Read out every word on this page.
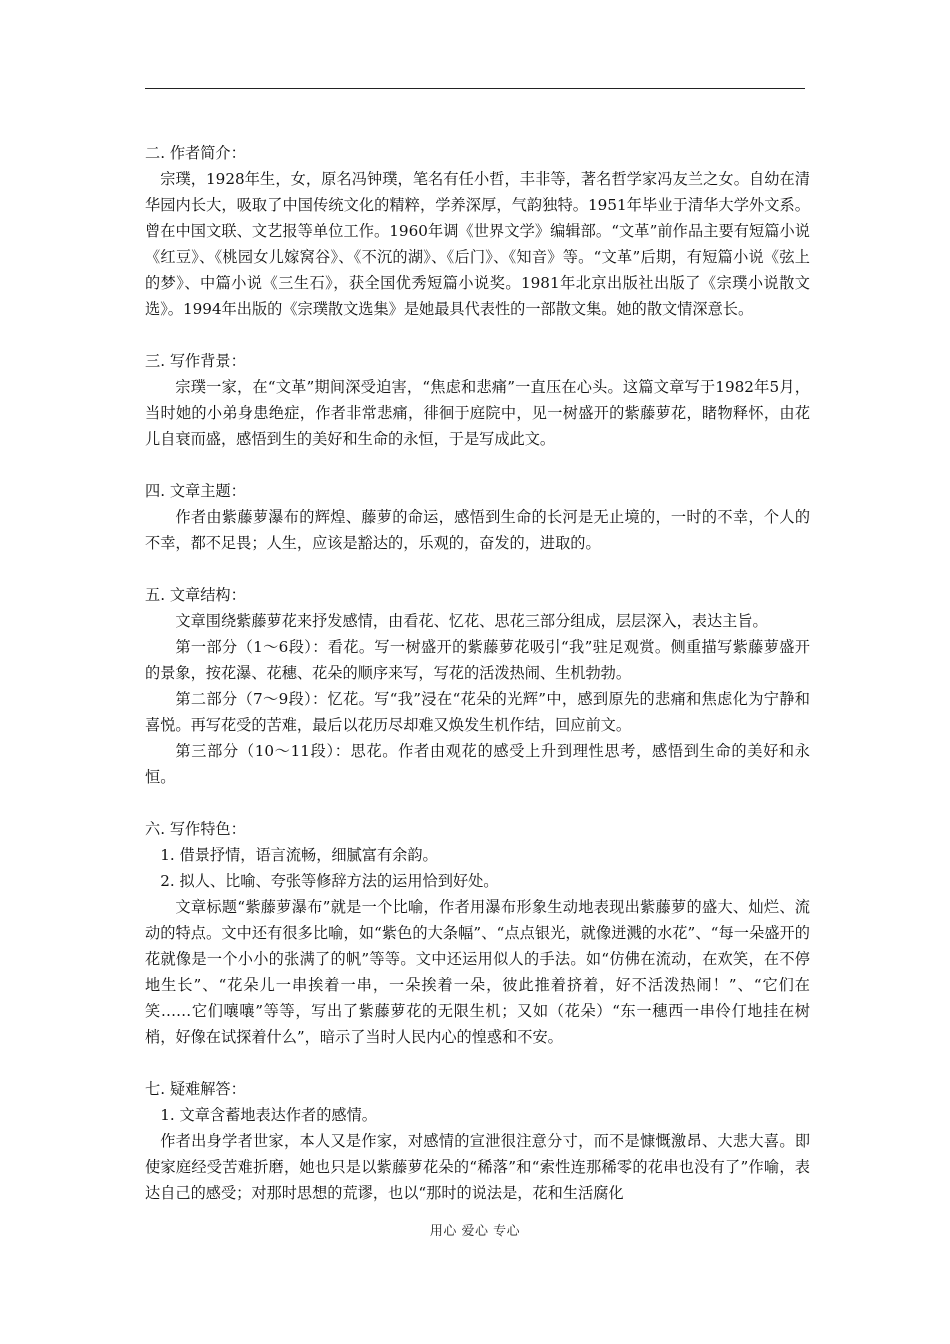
二. 作者简介：

宗璞，1928年生，女，原名冯钟璞，笔名有任小哲，丰非等，著名哲学家冯友兰之女。自幼在清华园内长大，吸取了中国传统文化的精粹，学养深厚，气韵独特。1951年毕业于清华大学外文系。曾在中国文联、文艺报等单位工作。1960年调《世界文学》编辑部。“文革”前作品主要有短篇小说《红豆》、《桃园女儿嫁窝谷》、《不沉的湖》、《后门》、《知音》等。“文革”后期，有短篇小说《弦上的梦》、中篇小说《三生石》，获全国优秀短篇小说奖。1981年北京出版社出版了《宗璞小说散文选》。1994年出版的《宗璞散文选集》是她最具代表性的一部散文集。她的散文情深意长。

三. 写作背景：

宗璞一家，在“文革”期间深受迫害，“焦虑和悲痛”一直压在心头。这篇文章写于1982年5月，当时她的小弟身患绝症，作者非常悲痛，徘徊于庭院中，见一树盛开的紫藤萝花，睹物释怀，由花儿自衰而盛，感悟到生的美好和生命的永恒，于是写成此文。

四. 文章主题：

作者由紫藤萝瀑布的辉煌、藤萝的命运，感悟到生命的长河是无止境的，一时的不幸，个人的不幸，都不足畏；人生，应该是豁达的，乐观的，奋发的，进取的。

五. 文章结构：

文章围绕紫藤萝花来抒发感情，由看花、忆花、思花三部分组成，层层深入，表达主旨。

第一部分（1～6段）：看花。写一树盛开的紫藤萝花吸引“我”驻足观赏。侧重描写紫藤萝盛开的景象，按花瀑、花穗、花朵的顺序来写，写花的活泼热闹、生机勃勃。

第二部分（7～9段）：忆花。写“我”浸在“花朵的光辉”中，感到原先的悲痛和焦虑化为宁静和喜悦。再写花受的苦难，最后以花历尽却难又焕发生机作结，回应前文。

第三部分（10～11段）：思花。作者由观花的感受上升到理性思考，感悟到生命的美好和永恒。

六. 写作特色：

1. 借景抒情，语言流畅，细腻富有余韵。

2. 拟人、比喻、夸张等修辞方法的运用恰到好处。

文章标题“紫藤萝瀑布”就是一个比喻，作者用瀑布形象生动地表现出紫藤萝的盛大、灿烂、流动的特点。文中还有很多比喻，如“紫色的大条幅”、“点点银光，就像迸溅的水花”、“每一朵盛开的花就像是一个小小的张满了的帆”等等。文中还运用似人的手法。如“仿佛在流动，在欢笑，在不停地生长”、“花朵儿一串挨着一串，一朵挨着一朵，彼此推着挤着，好不活泼热闹！”、“它们在笑……它们嚷嚷”等等，写出了紫藤萝花的无限生机；又如（花朵）“东一穗西一串伶仃地挂在树梢，好像在试探着什么”，暗示了当时人民内心的惶惑和不安。

七. 疑难解答：

1. 文章含蓄地表达作者的感情。

作者出身学者世家，本人又是作家，对感情的宣泄很注意分寸，而不是慷慨激昂、大悲大喜。即使家庭经受苦难折磨，她也只是以紫藤萝花朵的“稀落”和“索性连那稀零的花串也没有了”作喻，表达自己的感受；对那时思想的荒谬，也以“那时的说法是，花和生活腐化

用心 爱心 专心
